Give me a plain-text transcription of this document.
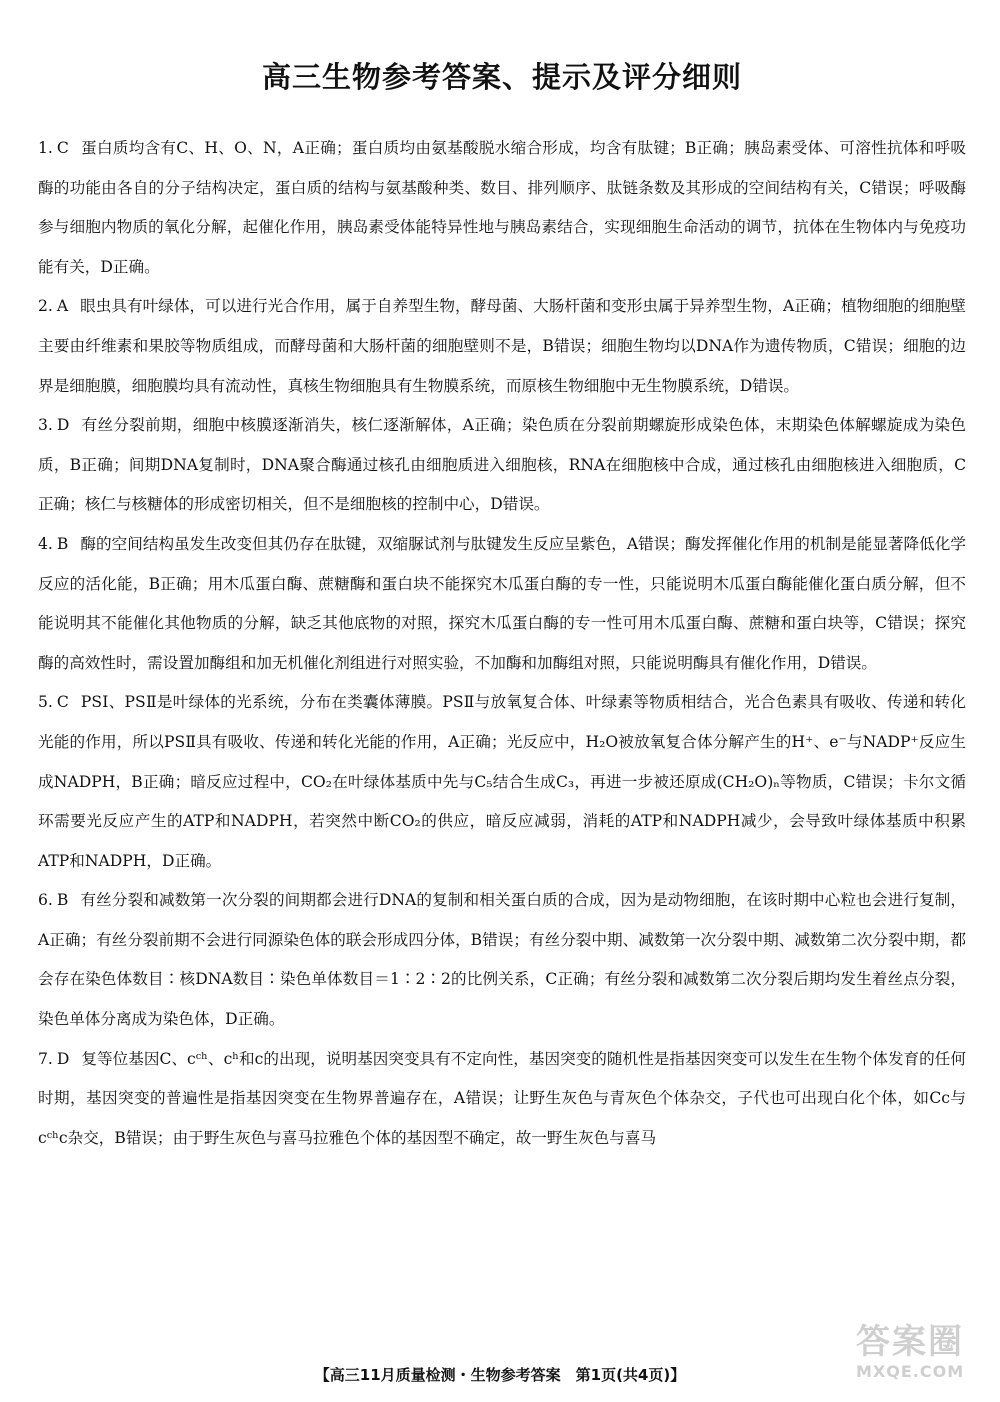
高三生物参考答案、提示及评分细则

1. C 蛋白质均含有C、H、O、N，A正确；蛋白质均由氨基酸脱水缩合形成，均含有肽键；B正确；胰岛素受体、可溶性抗体和呼吸酶的功能由各自的分子结构决定，蛋白质的结构与氨基酸种类、数目、排列顺序、肽链条数及其形成的空间结构有关，C错误；呼吸酶参与细胞内物质的氧化分解，起催化作用，胰岛素受体能特异性地与胰岛素结合，实现细胞生命活动的调节，抗体在生物体内与免疫功能有关，D正确。

2. A 眼虫具有叶绿体，可以进行光合作用，属于自养型生物，酵母菌、大肠杆菌和变形虫属于异养型生物，A正确；植物细胞的细胞壁主要由纤维素和果胶等物质组成，而酵母菌和大肠杆菌的细胞壁则不是，B错误；细胞生物均以DNA作为遗传物质，C错误；细胞的边界是细胞膜，细胞膜均具有流动性，真核生物细胞具有生物膜系统，而原核生物细胞中无生物膜系统，D错误。

3. D 有丝分裂前期，细胞中核膜逐渐消失，核仁逐渐解体，A正确；染色质在分裂前期螺旋形成染色体，末期染色体解螺旋成为染色质，B正确；间期DNA复制时，DNA聚合酶通过核孔由细胞质进入细胞核，RNA在细胞核中合成，通过核孔由细胞核进入细胞质，C正确；核仁与核糖体的形成密切相关，但不是细胞核的控制中心，D错误。

4. B 酶的空间结构虽发生改变但其仍存在肽键，双缩脲试剂与肽键发生反应呈紫色，A错误；酶发挥催化作用的机制是能显著降低化学反应的活化能，B正确；用木瓜蛋白酶、蔗糖酶和蛋白块不能探究木瓜蛋白酶的专一性，只能说明木瓜蛋白酶能催化蛋白质分解，但不能说明其不能催化其他物质的分解，缺乏其他底物的对照，探究木瓜蛋白酶的专一性可用木瓜蛋白酶、蔗糖和蛋白块等，C错误；探究酶的高效性时，需设置加酶组和加无机催化剂组进行对照实验，不加酶和加酶组对照，只能说明酶具有催化作用，D错误。

5. C PSⅠ、PSⅡ是叶绿体的光系统，分布在类囊体薄膜。PSⅡ与放氧复合体、叶绿素等物质相结合，光合色素具有吸收、传递和转化光能的作用，所以PSⅡ具有吸收、传递和转化光能的作用，A正确；光反应中，H₂O被放氧复合体分解产生的H⁺、e⁻与NADP⁺反应生成NADPH，B正确；暗反应过程中，CO₂在叶绿体基质中先与C₅结合生成C₃，再进一步被还原成(CH₂O)ₙ等物质，C错误；卡尔文循环需要光反应产生的ATP和NADPH，若突然中断CO₂的供应，暗反应减弱，消耗的ATP和NADPH减少，会导致叶绿体基质中积累ATP和NADPH，D正确。

6. B 有丝分裂和减数第一次分裂的间期都会进行DNA的复制和相关蛋白质的合成，因为是动物细胞，在该时期中心粒也会进行复制，A正确；有丝分裂前期不会进行同源染色体的联会形成四分体，B错误；有丝分裂中期、减数第一次分裂中期、减数第二次分裂中期，都会存在染色体数目∶核DNA数目∶染色单体数目＝1∶2∶2的比例关系，C正确；有丝分裂和减数第二次分裂后期均发生着丝点分裂，染色单体分离成为染色体，D正确。

7. D 复等位基因C、cᶜʰ、cʰ和c的出现，说明基因突变具有不定向性，基因突变的随机性是指基因突变可以发生在生物个体发育的任何时期，基因突变的普遍性是指基因突变在生物界普遍存在，A错误；让野生灰色与青灰色个体杂交，子代也可出现白化个体，如Cc与cᶜʰc杂交，B错误；由于野生灰色与喜马拉雅色个体的基因型不确定，故一野生灰色与喜马

【高三11月质量检测・生物参考答案　第1页(共4页)】
答案圈
MXQE.COM
